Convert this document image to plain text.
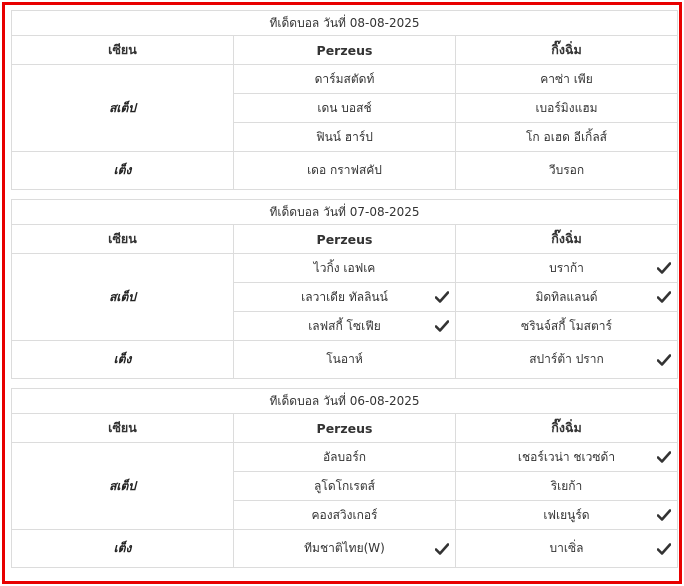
ทีเด็ดบอล วันที่ 08-08-2025		
เซียน	Perzeus	กิ๊งฉิ่ม
สเต็ป	ดาร์มสตัดท์	คาซ่า เพีย
	เดน บอสช์	เบอร์มิงแฮม
	ฟินน์ ฮาร์ป	โก อเฮด อีเกิ้ลส์
เต็ง	เดอ กราฟสคัป	วีบรอก
ทีเด็ดบอล วันที่ 07-08-2025		
เซียน	Perzeus	กิ๊งฉิ่ม
สเต็ป	ไวกิ้ง เอฟเค	บราก้า

	เลวาเดีย ทัลลินน์	มิดทิลแลนด์

	เลฟสกี้ โซเฟีย	ซรินจ์สกี้ โมสตาร์
เต็ง	โนอาห์	สปาร์ต้า ปราก
ทีเด็ดบอล วันที่ 06-08-2025		
เซียน	Perzeus	กิ๊งฉิ่ม
สเต็ป	อัลบอร์ก	เชอร์เวน่า ชเวซด้า

	ลูโดโกเรตส์	ริเยก้า
	คองสวิงเกอร์	เฟเยนูร์ด

เต็ง	ทีมชาติไทย(W)	บาเซิ่ล
